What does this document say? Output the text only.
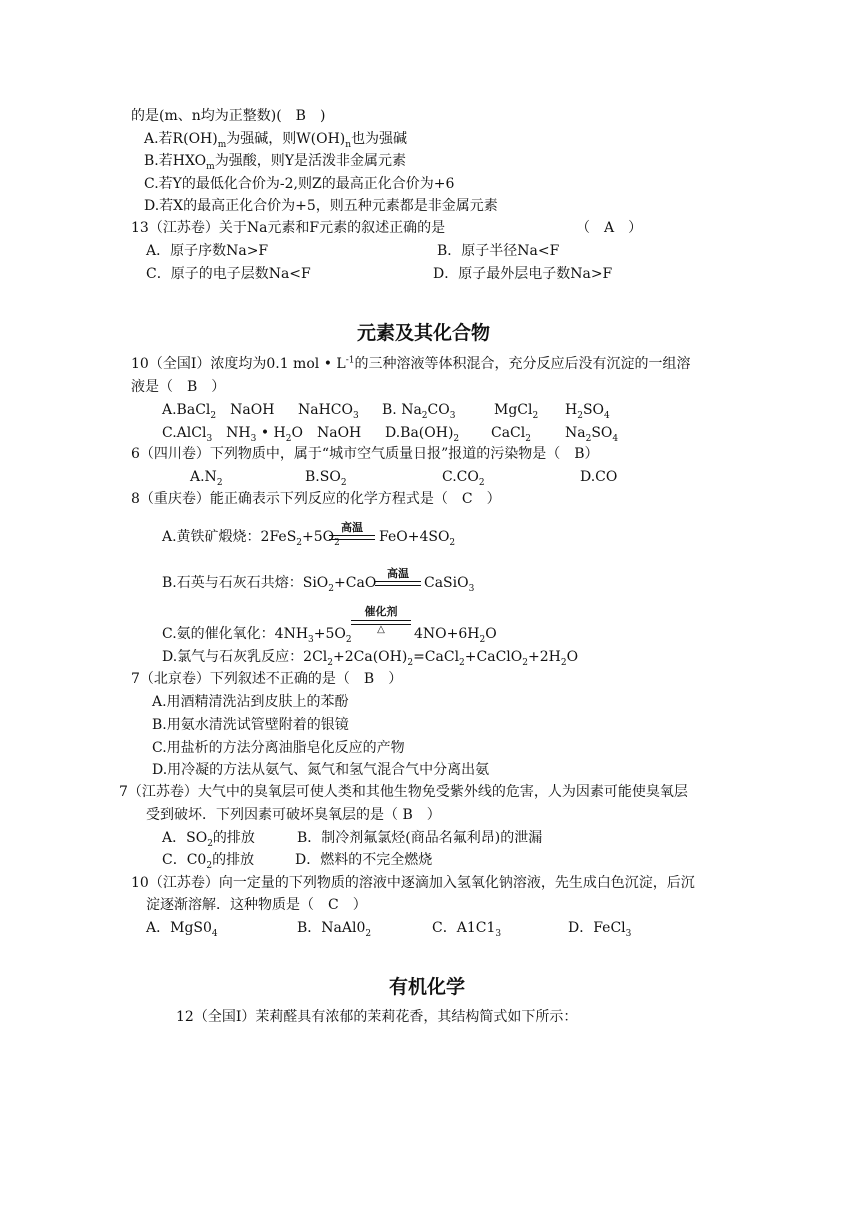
的是(m、n均为正整数)(　B　)
A.若$R(OH)_m$为强碱，则$W(OH)_n$也为强碱
B.若$HXO_m$为强酸，则Y是活泼非金属元素
C.若Y的最低化合价为-2,则Z的最高正化合价为+6
D.若X的最高正化合价为+5，则五种元素都是非金属元素
13（江苏卷）关于Na元素和F元素的叙述正确的是	（　A　）
A．原子序数Na>F	B．原子半径Na<F
C．原子的电子层数Na<F	D．原子最外层电子数Na>F
元素及其化合物
10（全国Ⅰ）浓度均为0.1 mol • $L^{-1}$的三种溶液等体积混合，充分反应后没有沉淀的一组溶
液是（　B　）
A.BaCl$_2$　NaOH NaHCO$_3$ B. $Na_2CO_3$	MgCl$_2$ $H_2SO_4$
C.AlCl$_3$　$NH_3$ • $H_2O$　NaOH $D.Ba(OH)_2$ CaCl$_2$ $Na_2SO_4$
6（四川卷）下列物质中，属于“城市空气质量日报”报道的污染物是（　B）
$A.N_2$	$B.SO_2$	$C.CO_2$	D.CO
8（重庆卷）能正确表示下列反应的化学方程式是（　C　）
A.黄铁矿煅烧：$2FeS_2+5O_2$
高温
$FeO+4SO_2$
B.石英与石灰石共熔：SiO$_2$+CaO
高温
CaSiO$_3$
催化剂
△
C.氨的催化氧化：$4NH_3+5O_2$	$4NO+6H_2O$
D.氯气与石灰乳反应：$2Cl_2+2Ca(OH)_2=CaCl_2+CaClO_2+2H_2O$
7（北京卷）下列叙述不正确的是（　B　）
A.用酒精清洗沾到皮肤上的苯酚
B.用氨水清洗试管壁附着的银镜
C.用盐析的方法分离油脂皂化反应的产物
D.用冷凝的方法从氨气、氮气和氢气混合气中分离出氨
7（江苏卷）大气中的臭氧层可使人类和其他生物免受紫外线的危害，人为因素可能使臭氧层
受到破坏．下列因素可破坏臭氧层的是（ B　）
A．$SO_2$的排放	B．制冷剂氟氯烃(商品名氟利昂)的泄漏
C．$C0_2$的排放	D．燃料的不完全燃烧
10（江苏卷）向一定量的下列物质的溶液中逐滴加入氢氧化钠溶液，先生成白色沉淀，后沉
淀逐渐溶解．这种物质是（　C　）
A．$MgS0_4$	B．$NaAl0_2$	C．$A1C1_3$	D．FeCl$_3$
有机化学
12（全国Ⅰ）茉莉醛具有浓郁的茉莉花香，其结构简式如下所示：
